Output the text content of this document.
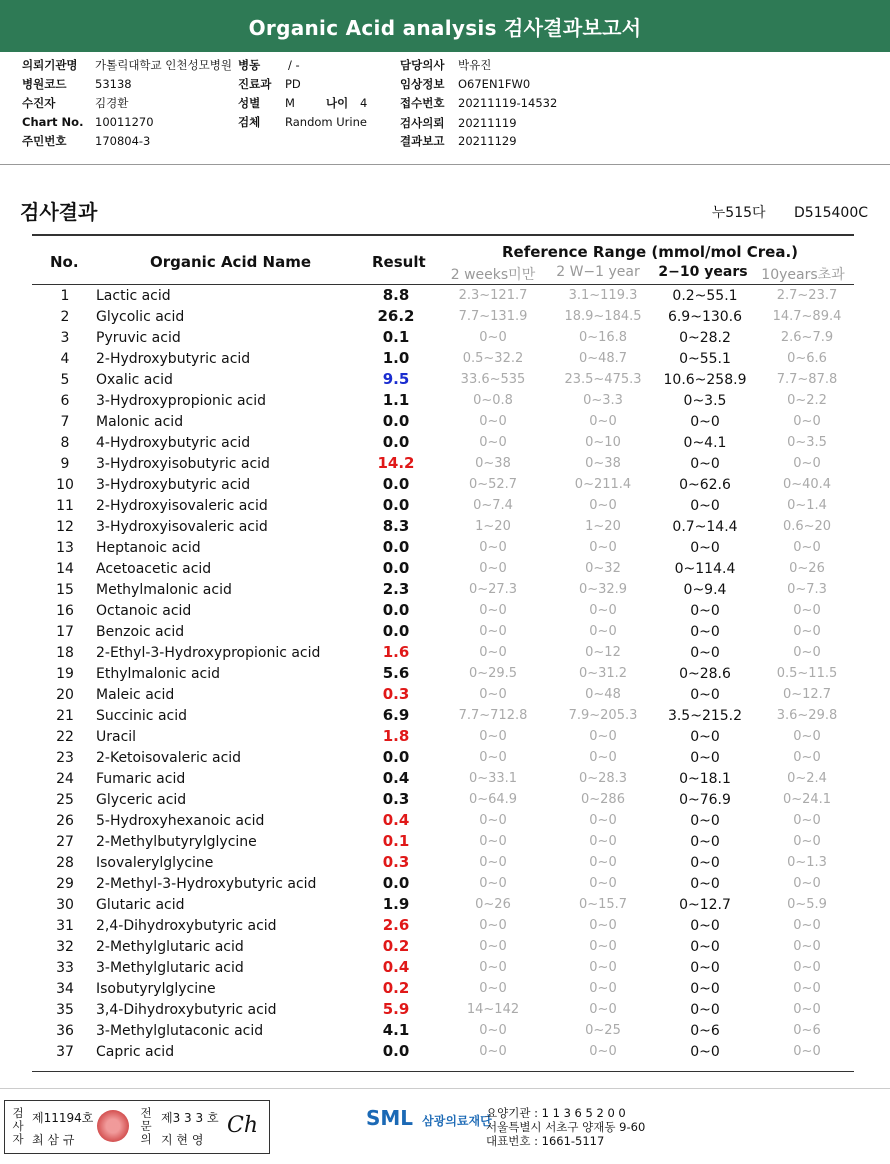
Organic Acid analysis 검사결과보고서
의뢰기관명 가톨릭대학교 인천성모병원
병원코드 53138
수진자	김경환
Chart No. 10011270
주민번호 170804-3
병동 / -
진료과 PD
성별 M	나이 4
검체 Random Urine
담당의사 박유진
임상정보 O67EN1FW0
접수번호 20211119-14532
검사의뢰 20211119
결과보고 20211129
검사결과	누515다 D515400C
No.	Organic Acid Name	Result
Reference Range (mmol/mol Crea.)
2 weeks미만	2 W−1 year	2−10 years 10years초과
1	Lactic acid	8.8	2.3~121.7	3.1~119.3	0.2~55.1	2.7~23.7
2	Glycolic acid	26.2	7.7~131.9	18.9~184.5	6.9~130.6	14.7~89.4
3	Pyruvic acid	0.1	0~0	0~16.8	0~28.2	2.6~7.9
4	2-Hydroxybutyric acid	1.0	0.5~32.2	0~48.7	0~55.1	0~6.6
5	Oxalic acid	9.5	33.6~535	23.5~475.3	10.6~258.9	7.7~87.8
6	3-Hydroxypropionic acid	1.1	0~0.8	0~3.3	0~3.5	0~2.2
7	Malonic acid	0.0	0~0	0~0	0~0	0~0
8	4-Hydroxybutyric acid	0.0	0~0	0~10	0~4.1	0~3.5
9	3-Hydroxyisobutyric acid	14.2	0~38	0~38	0~0	0~0
10	3-Hydroxybutyric acid	0.0	0~52.7	0~211.4	0~62.6	0~40.4
11	2-Hydroxyisovaleric acid	0.0	0~7.4	0~0	0~0	0~1.4
12	3-Hydroxyisovaleric acid	8.3	1~20	1~20	0.7~14.4	0.6~20
13	Heptanoic acid	0.0	0~0	0~0	0~0	0~0
14	Acetoacetic acid	0.0	0~0	0~32	0~114.4	0~26
15	Methylmalonic acid	2.3	0~27.3	0~32.9	0~9.4	0~7.3
16	Octanoic acid	0.0	0~0	0~0	0~0	0~0
17	Benzoic acid	0.0	0~0	0~0	0~0	0~0
18	2-Ethyl-3-Hydroxypropionic acid	1.6	0~0	0~12	0~0	0~0
19	Ethylmalonic acid	5.6	0~29.5	0~31.2	0~28.6	0.5~11.5
20	Maleic acid	0.3	0~0	0~48	0~0	0~12.7
21	Succinic acid	6.9	7.7~712.8	7.9~205.3	3.5~215.2	3.6~29.8
22	Uracil	1.8	0~0	0~0	0~0	0~0
23	2-Ketoisovaleric acid	0.0	0~0	0~0	0~0	0~0
24	Fumaric acid	0.4	0~33.1	0~28.3	0~18.1	0~2.4
25	Glyceric acid	0.3	0~64.9	0~286	0~76.9	0~24.1
26	5-Hydroxyhexanoic acid	0.4	0~0	0~0	0~0	0~0
27	2-Methylbutyrylglycine	0.1	0~0	0~0	0~0	0~0
28	Isovalerylglycine	0.3	0~0	0~0	0~0	0~1.3
29	2-Methyl-3-Hydroxybutyric acid	0.0	0~0	0~0	0~0	0~0
30	Glutaric acid	1.9	0~26	0~15.7	0~12.7	0~5.9
31	2,4-Dihydroxybutyric acid	2.6	0~0	0~0	0~0	0~0
32	2-Methylglutaric acid	0.2	0~0	0~0	0~0	0~0
33	3-Methylglutaric acid	0.4	0~0	0~0	0~0	0~0
34	Isobutyrylglycine	0.2	0~0	0~0	0~0	0~0
35	3,4-Dihydroxybutyric acid	5.9	14~142	0~0	0~0	0~0
36	3-Methylglutaconic acid	4.1	0~0	0~25	0~6	0~6
37	Capric acid	0.0	0~0	0~0	0~0	0~0
검
사
자
제11194호
최 삼 규
전
문
의
제3 3 3 호
지 현 영
Ch	SML 삼광의료재단
요양기관 : 1 1 3 6 5 2 0 0
서울특별시 서초구 양재동 9-60
대표번호 : 1661-5117
